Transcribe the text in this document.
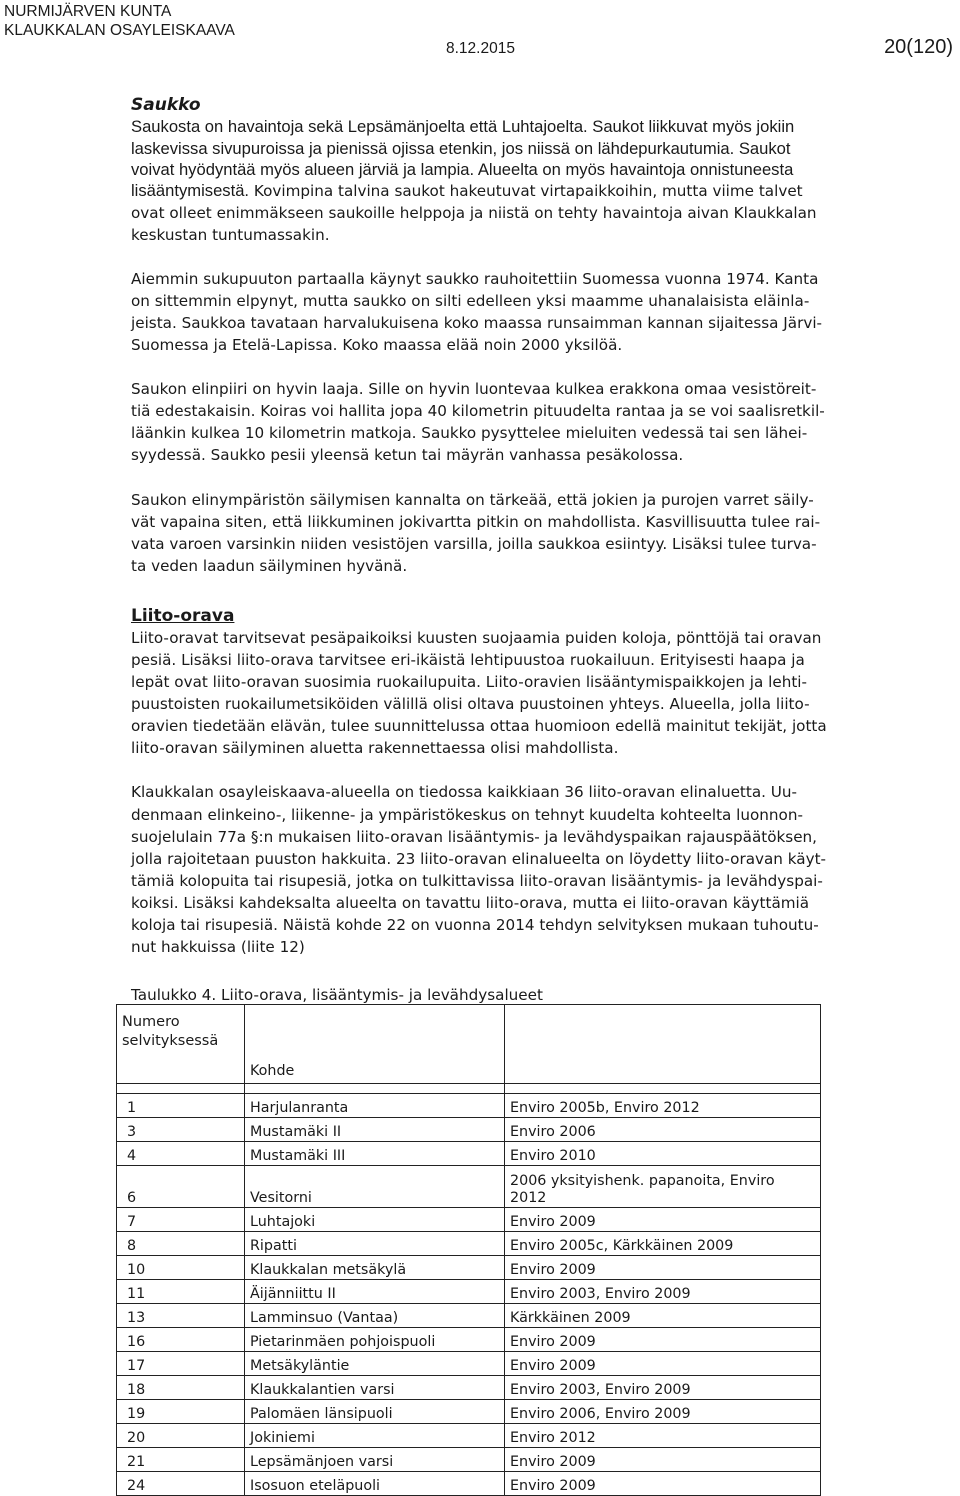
NURMIJÄRVEN KUNTA
KLAUKKALAN OSAYLEISKAAVA
8.12.2015	20(120)
Saukko
Saukosta on havaintoja sekä Lepsämänjoelta että Luhtajoelta. Saukot liikkuvat myös jokiin
laskevissa sivupuroissa ja pienissä ojissa etenkin, jos niissä on lähdepurkautumia. Saukot
voivat hyödyntää myös alueen järviä ja lampia. Alueelta on myös havaintoja onnistuneesta
lisääntymisestä. Kovimpina talvina saukot hakeutuvat virtapaikkoihin, mutta viime talvet
ovat olleet enimmäkseen saukoille helppoja ja niistä on tehty havaintoja aivan Klaukkalan
keskustan tuntumassakin.
Aiemmin sukupuuton partaalla käynyt saukko rauhoitettiin Suomessa vuonna 1974. Kanta
on sittemmin elpynyt, mutta saukko on silti edelleen yksi maamme uhanalaisista eläinla-
jeista. Saukkoa tavataan harvalukuisena koko maassa runsaimman kannan sijaitessa Järvi-
Suomessa ja Etelä-Lapissa. Koko maassa elää noin 2000 yksilöä.
Saukon elinpiiri on hyvin laaja. Sille on hyvin luontevaa kulkea erakkona omaa vesistöreit-
tiä edestakaisin. Koiras voi hallita jopa 40 kilometrin pituudelta rantaa ja se voi saalisretkil-
läänkin kulkea 10 kilometrin matkoja. Saukko pysyttelee mieluiten vedessä tai sen lähei-
syydessä. Saukko pesii yleensä ketun tai mäyrän vanhassa pesäkolossa.
Saukon elinympäristön säilymisen kannalta on tärkeää, että jokien ja purojen varret säily-
vät vapaina siten, että liikkuminen jokivartta pitkin on mahdollista. Kasvillisuutta tulee rai-
vata varoen varsinkin niiden vesistöjen varsilla, joilla saukkoa esiintyy. Lisäksi tulee turva-
ta veden laadun säilyminen hyvänä.
Liito-orava
Liito-oravat tarvitsevat pesäpaikoiksi kuusten suojaamia puiden koloja, pönttöjä tai oravan
pesiä. Lisäksi liito-orava tarvitsee eri-ikäistä lehtipuustoa ruokailuun. Erityisesti haapa ja
lepät ovat liito-oravan suosimia ruokailupuita. Liito-oravien lisääntymispaikkojen ja lehti-
puustoisten ruokailumetsiköiden välillä olisi oltava puustoinen yhteys. Alueella, jolla liito-
oravien tiedetään elävän, tulee suunnittelussa ottaa huomioon edellä mainitut tekijät, jotta
liito-oravan säilyminen aluetta rakennettaessa olisi mahdollista.
Klaukkalan osayleiskaava-alueella on tiedossa kaikkiaan 36 liito-oravan elinaluetta. Uu-
denmaan elinkeino-, liikenne- ja ympäristökeskus on tehnyt kuudelta kohteelta luonnon-
suojelulain 77a §:n mukaisen liito-oravan lisääntymis- ja levähdyspaikan rajauspäätöksen,
jolla rajoitetaan puuston hakkuita. 23 liito-oravan elinalueelta on löydetty liito-oravan käyt-
tämiä kolopuita tai risupesiä, jotka on tulkittavissa liito-oravan lisääntymis- ja levähdyspai-
koiksi. Lisäksi kahdeksalta alueelta on tavattu liito-orava, mutta ei liito-oravan käyttämiä
koloja tai risupesiä. Näistä kohde 22 on vuonna 2014 tehdyn selvityksen mukaan tuhoutu-
nut hakkuissa (liite 12)
Taulukko 4. Liito-orava, lisääntymis- ja levähdysalueet
Numero
selvityksessä	Kohde	

1	Harjulanranta	Enviro 2005b, Enviro 2012
3	Mustamäki II	Enviro 2006
4	Mustamäki III	Enviro 2010
6	Vesitorni	2006 yksityishenk. papanoita, Enviro 2012
7	Luhtajoki	Enviro 2009
8	Ripatti	Enviro 2005c, Kärkkäinen 2009
10	Klaukkalan metsäkylä	Enviro 2009
11	Äijänniittu II	Enviro 2003, Enviro 2009
13	Lamminsuo (Vantaa)	Kärkkäinen 2009
16	Pietarinmäen pohjoispuoli	Enviro 2009
17	Metsäkyläntie	Enviro 2009
18	Klaukkalantien varsi	Enviro 2003, Enviro 2009
19	Palomäen länsipuoli	Enviro 2006, Enviro 2009
20	Jokiniemi	Enviro 2012
21	Lepsämänjoen varsi	Enviro 2009
24	Isosuon eteläpuoli	Enviro 2009
